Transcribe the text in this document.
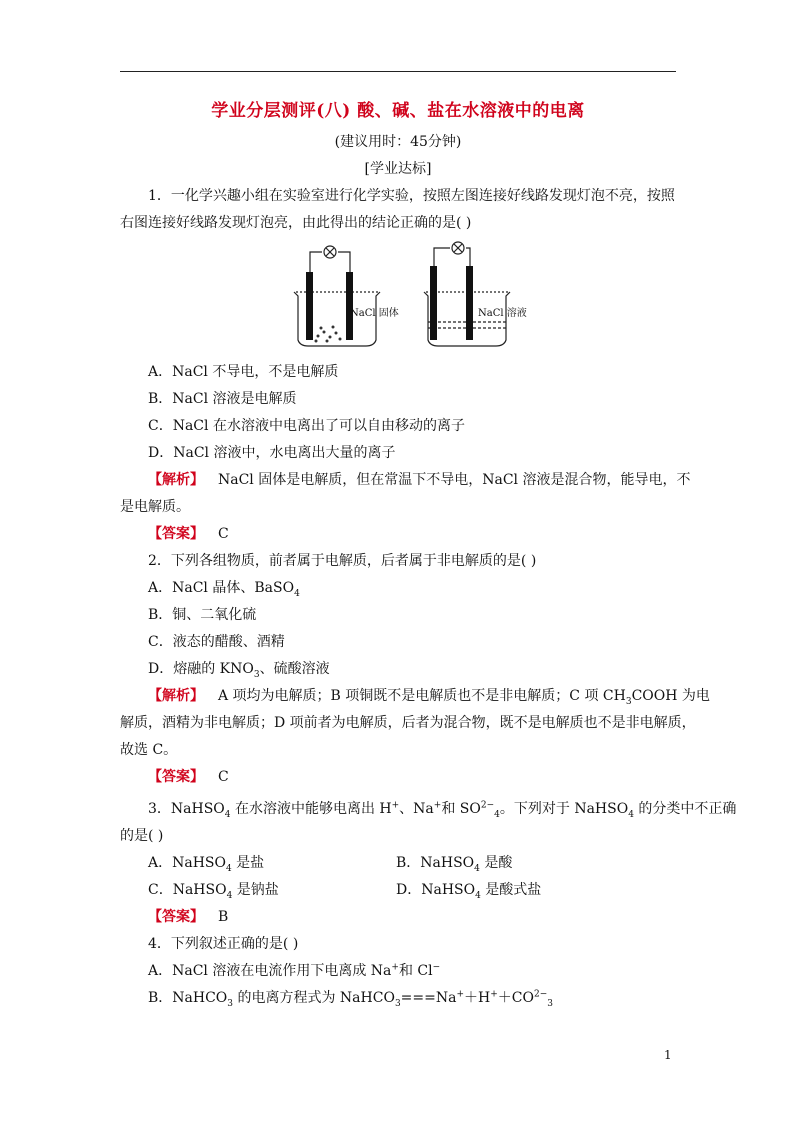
学业分层测评(八) 酸、碱、盐在水溶液中的电离
(建议用时：45分钟)
[学业达标]
1．一化学兴趣小组在实验室进行化学实验，按照左图连接好线路发现灯泡不亮，按照
右图连接好线路发现灯泡亮，由此得出的结论正确的是( )
NaCl 固体	NaCl 溶液
A．NaCl 不导电，不是电解质
B．NaCl 溶液是电解质
C．NaCl 在水溶液中电离出了可以自由移动的离子
D．NaCl 溶液中，水电离出大量的离子
【解析】 NaCl 固体是电解质，但在常温下不导电，NaCl 溶液是混合物，能导电，不
是电解质。
【答案】 C
2．下列各组物质，前者属于电解质，后者属于非电解质的是( )
A．NaCl 晶体、BaSO$_4$
B．铜、二氧化硫
C．液态的醋酸、酒精
D．熔融的 $KNO_3$、硫酸溶液
【解析】 A 项均为电解质；B 项铜既不是电解质也不是非电解质；C 项 $CH_3COOH$ 为电
解质，酒精为非电解质；D 项前者为电解质，后者为混合物，既不是电解质也不是非电解质，
故选 C。
【答案】 C
3．NaHSO$_4$ 在水溶液中能够电离出 H+、Na+和 $SO^{2-}_4$。下列对于 NaHSO$_4$ 的分类中不正确
的是( )
A．NaHSO$_4$ 是盐	B．NaHSO$_4$ 是酸
C．NaHSO$_4$ 是钠盐	D．NaHSO$_4$ 是酸式盐
【答案】 B
4．下列叙述正确的是( )
A．NaCl 溶液在电流作用下电离成 Na+和 Cl−
B．NaHCO$_3$ 的电离方程式为 $NaHCO_3===Na^++H^++CO^{2-}_3$
1
